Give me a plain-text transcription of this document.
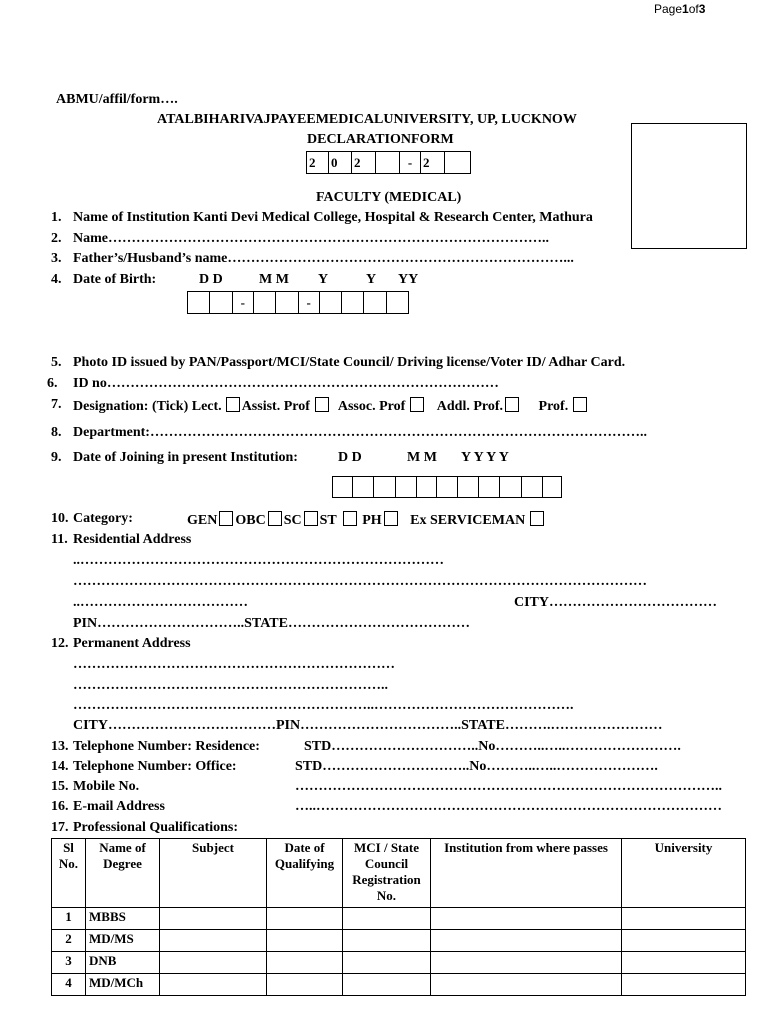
Page1of3
ABMU/affil/form….
ATALBIHARIVAJPAYEEMEDICALUNIVERSITY, UP, LUCKNOW
DECLARATIONFORM
2	0	2	- 2
FACULTY (MEDICAL)
1. Name of Institution Kanti Devi Medical College, Hospital & Research Center, Mathura
2. Name…………………………………………………………………………………..
3. Father’s/Husband’s name………………………………………………………………...
4. Date of Birth:	D D	M M Y	Y YY
-	-
5. Photo ID issued by PAN/Passport/MCI/State Council/ Driving license/Voter ID/ Adhar Card.
6. ID no…………………………………………………………………………
7. Designation: (Tick) Lect. Assist. Prof Assoc. Prof Addl. Prof.	Prof.
8. Department:……………………………………………………………………………………………..
9. Date of Joining in present Institution:	D D	M M Y Y Y Y
10. Category:	GEN OBC SC ST PH Ex SERVICEMAN
11. Residential Address
..……………………………………………………………………
……………………………………………………………………………………………………………
..………………………………	CITY………………………………
PIN…………………………..STATE…………………………………
12. Permanent Address
……………………………………………………………
…………………………………………………………..
………………………………………………………..…………………………………….
CITY………………………………PIN……………………………..STATE……….……………………
13. Telephone Number: Residence:	STD…………………………..No………..…..…………………….
14. Telephone Number: Office:	STD…………………………..No………..…..………………….
15. Mobile No.	………………………………………………………………………………..
16. E-mail Address	…..……………………………………………………………………………
17. Professional Qualifications:
Sl No.	Name of Degree	Subject	Date of Qualifying	MCI / State Council Registration No.	Institution from where passes	University
1	MBBS					
2	MD/MS					
3	DNB					
4	MD/MCh					
